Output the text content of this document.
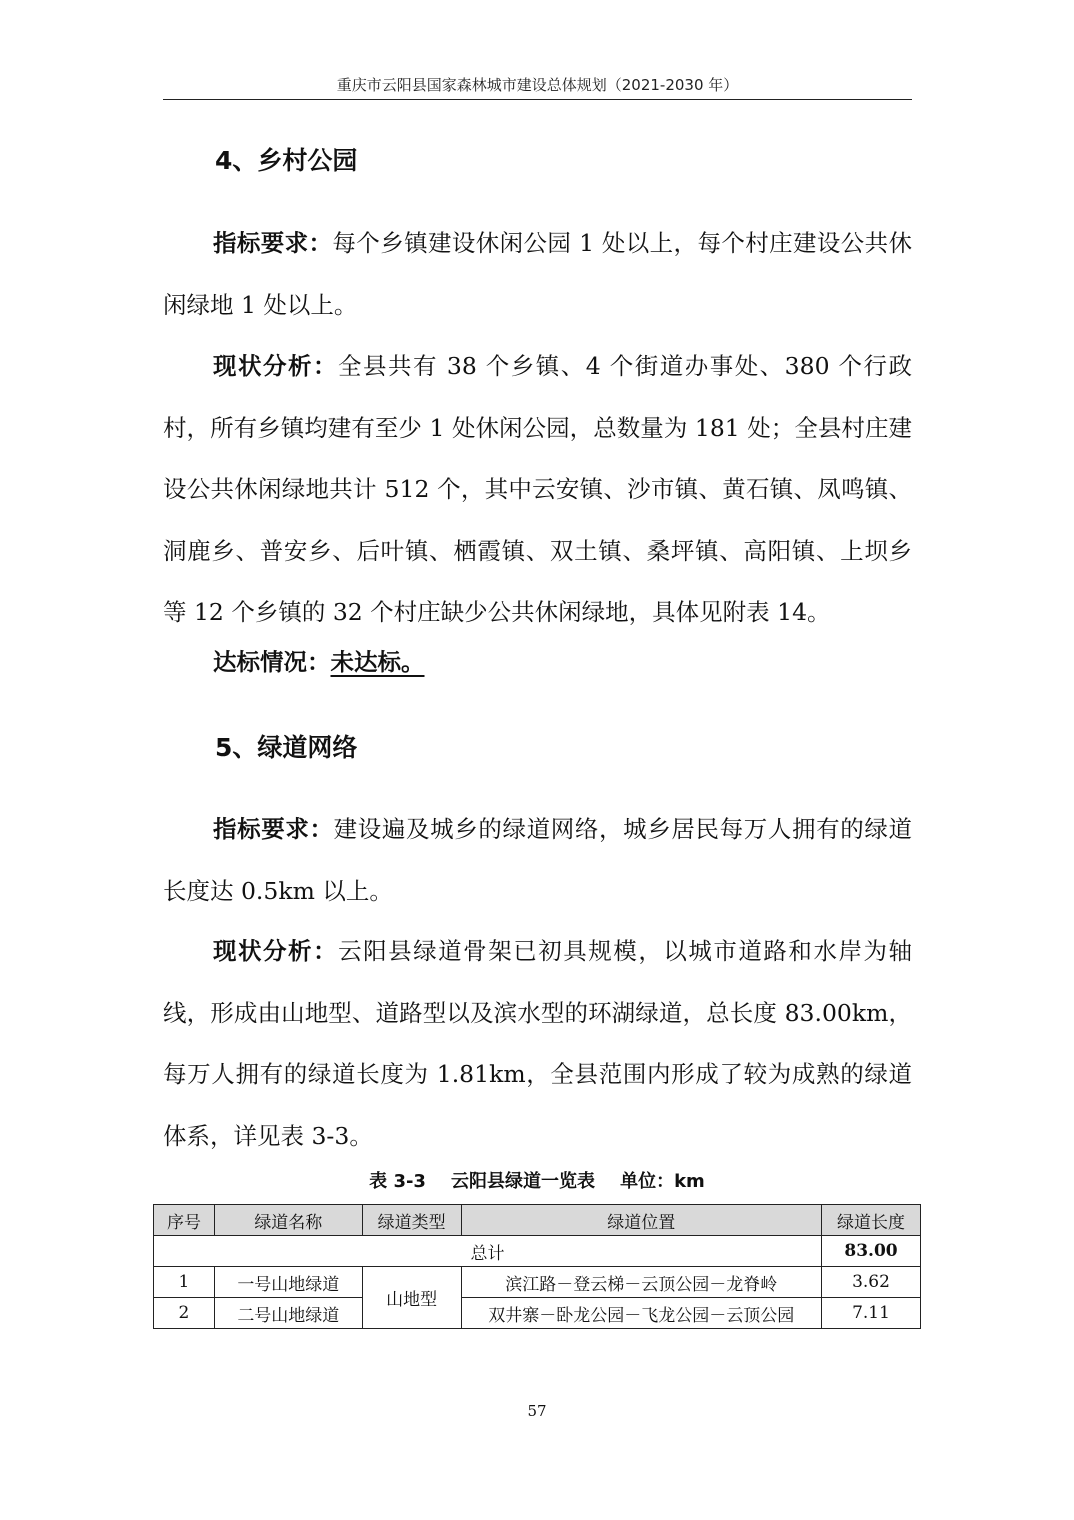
重庆市云阳县国家森林城市建设总体规划（2021-2030 年）
4、乡村公园

指标要求：每个乡镇建设休闲公园 1 处以上，每个村庄建设公共休闲绿地 1 处以上。

现状分析：全县共有 38 个乡镇、4 个街道办事处、380 个行政村，所有乡镇均建有至少 1 处休闲公园，总数量为 181 处；全县村庄建设公共休闲绿地共计 512 个，其中云安镇、沙市镇、黄石镇、凤鸣镇、洞鹿乡、普安乡、后叶镇、栖霞镇、双土镇、桑坪镇、高阳镇、上坝乡等 12 个乡镇的 32 个村庄缺少公共休闲绿地，具体见附表 14。

达标情况：未达标。

5、绿道网络

指标要求：建设遍及城乡的绿道网络，城乡居民每万人拥有的绿道长度达 0.5km 以上。

现状分析：云阳县绿道骨架已初具规模，以城市道路和水岸为轴线，形成由山地型、道路型以及滨水型的环湖绿道，总长度 83.00km，每万人拥有的绿道长度为 1.81km，全县范围内形成了较为成熟的绿道体系，详见表 3-3。

表 3-3    云阳县绿道一览表    单位：km
序号	绿道名称	绿道类型	绿道位置	绿道长度
总计				83.00
1	一号山地绿道	山地型	滨江路－登云梯－云顶公园－龙脊岭	3.62
2	二号山地绿道		双井寨－卧龙公园－飞龙公园－云顶公园	7.11
57
